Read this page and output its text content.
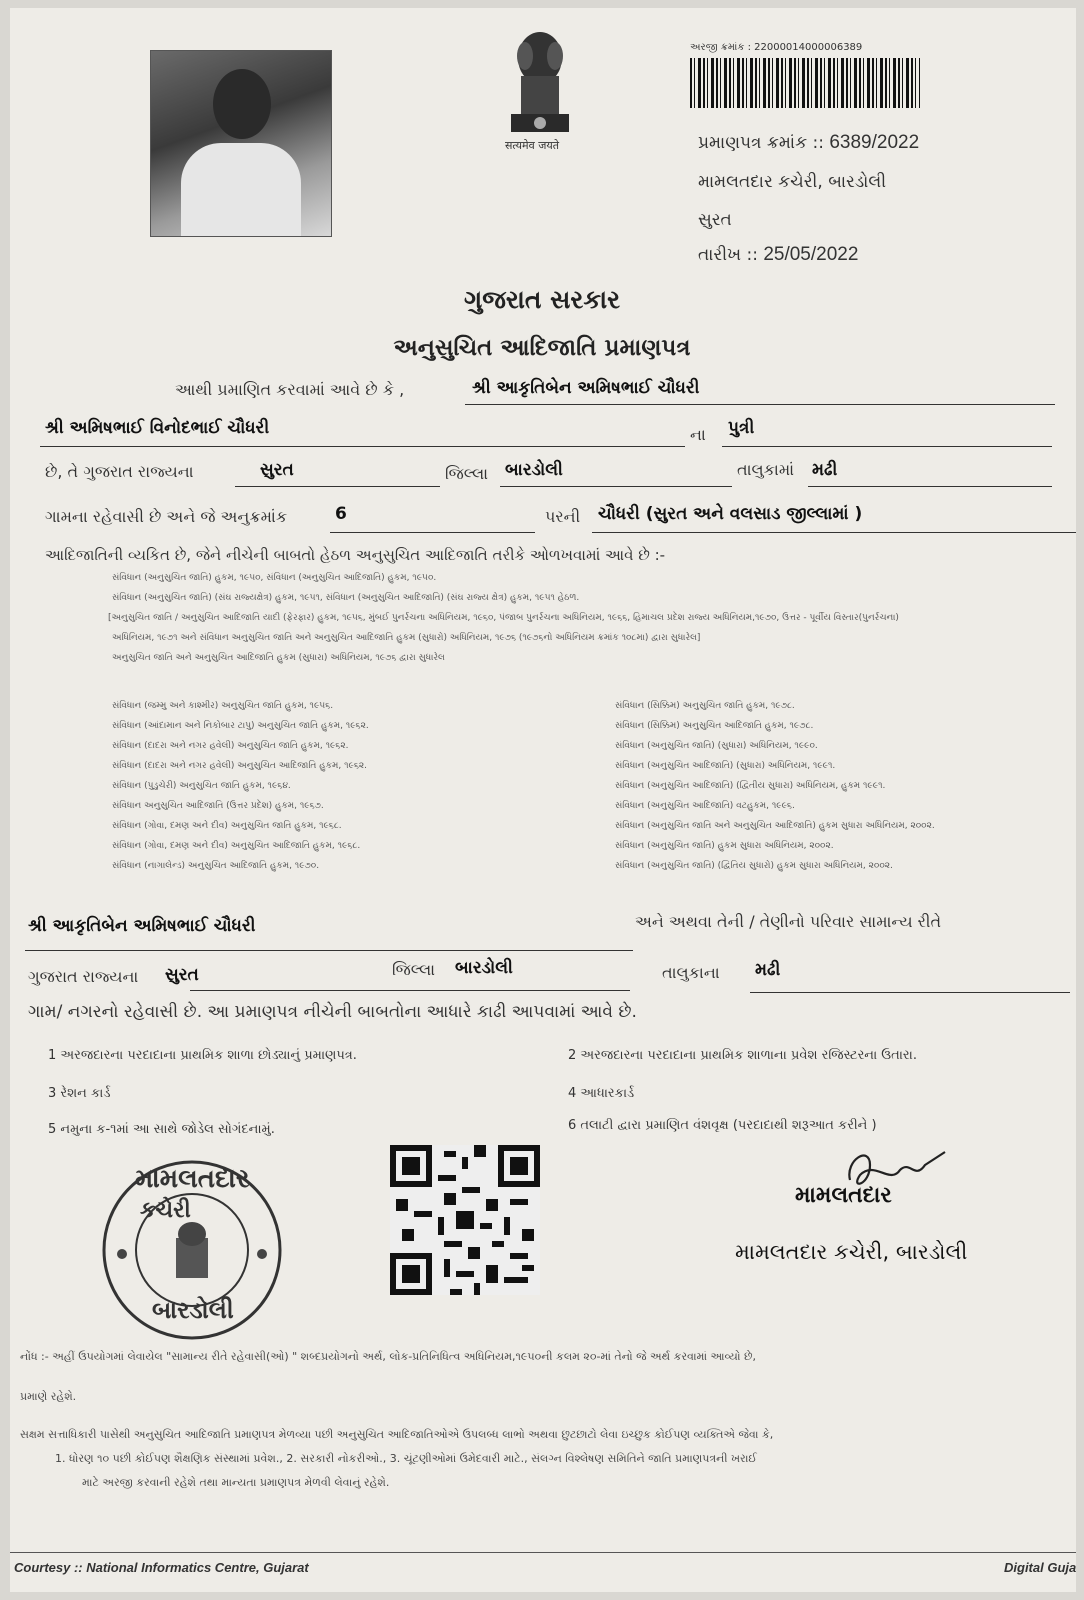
सत्यमेव जयते
અરજી ક્રમાંક : 22000014000006389
પ્રમાણપત્ર ક્રમાંક :: 6389/2022
મામલતદાર કચેરી, બારડોલી
સુરત
તારીખ :: 25/05/2022
ગુજરાત સરકાર
અનુસુચિત આદિજાતિ પ્રમાણપત્ર
આથી પ્રમાણિત કરવામાં આવે છે કે ,	શ્રી આકૃતિબેન અમિષભાઈ ચૌધરી
શ્રી અમિષભાઈ વિનોદભાઈ ચૌધરી	ના પુત્રી
છે, તે ગુજરાત રાજ્યના	સુરત	જિલ્લા બારડોલી	તાલુકામાં મઢી
ગામના રહેવાસી છે અને જે અનુક્રમાંક	6	પરની ચૌધરી (સુરત અને વલસાડ જીલ્લામાં )
આદિજાતિની વ્યકિત છે, જેને નીચેની બાબતો હેઠળ અનુસુચિત આદિજાતિ તરીકે ઓળખવામાં આવે છે :-
સંવિધાન (અનુસુચિત જાતિ) હુકમ, ૧૯૫૦, સંવિધાન (અનુસુચિત આદિજાતિ) હુકમ, ૧૯૫૦.
સંવિધાન (અનુસુચિત જાતિ) (સંઘ રાજ્યક્ષેત્ર) હુકમ, ૧૯૫૧, સંવિધાન (અનુસુચિત આદિજાતિ) (સંઘ રાજ્ય ક્ષેત્ર) હુકમ, ૧૯૫૧ હેઠળ.
[અનુસુચિત જાતિ / અનુસુચિત આદિજાતિ યાદી (ફેરફાર) હુકમ, ૧૯૫૬, મુંબઈ પુનર્રચના અધિનિયમ, ૧૯૬૦, પંજાબ પુનર્રચના અધિનિયમ, ૧૯૬૬, હિમાચલ પ્રદેશ રાજ્ય અધિનિયમ,૧૯૭૦, ઉત્તર - પૂર્વીય વિસ્તાર(પુનર્રચના)
અધિનિયમ, ૧૯૭૧ અને સંવિધાન અનુસુચિત જાતિ અને અનુસુચિત આદિજાતિ હુકમ (સુધારો) અધિનિયમ, ૧૯૭૬ (૧૯૭૬નો અધિનિયમ ક્રમાંક ૧૦૮મા) દ્વારા સુધારેલ]
અનુસુચિત જાતિ અને અનુસુચિત આદિજાતિ હુકમ (સુધારા) અધિનિયમ, ૧૯૭૬ દ્વારા સુધારેલ
સંવિધાન (જમ્મુ અને કાશ્મીર) અનુસુચિત જાતિ હુકમ, ૧૯૫૬.
સંવિધાન (આંદામાન અને નિકોબાર ટાપુ) અનુસુચિત જાતિ હુકમ, ૧૯૬૨.
સંવિધાન (દાદરા અને નગર હવેલી) અનુસુચિત જાતિ હુકમ, ૧૯૬૨.
સંવિધાન (દાદરા અને નગર હવેલી) અનુસુચિત આદિજાતિ હુકમ, ૧૯૬૨.
સંવિધાન (પુડુચેરી) અનુસુચિત જાતિ હુકમ, ૧૯૬૪.
સંવિધાન અનુસુચિત આદિજાતિ (ઉત્તર પ્રદેશ) હુકમ, ૧૯૬૭.
સંવિધાન (ગોવા, દમણ અને દીવ) અનુસુચિત જાતિ હુકમ, ૧૯૬૮.
સંવિધાન (ગોવા, દમણ અને દીવ) અનુસુચિત આદિજાતિ હુકમ, ૧૯૬૮.
સંવિધાન (નાગાલેન્ડ) અનુસુચિત આદિજાતિ હુકમ, ૧૯૭૦.
સંવિધાન (સિક્કિમ) અનુસુચિત જાતિ હુકમ, ૧૯૭૮.
સંવિધાન (સિક્કિમ) અનુસુચિત આદિજાતિ હુકમ, ૧૯૭૮.
સંવિધાન (અનુસુચિત જાતિ) (સુધારા) અધિનિયમ, ૧૯૯૦.
સંવિધાન (અનુસુચિત આદિજાતિ) (સુધારા) અધિનિયમ, ૧૯૯૧.
સંવિધાન (અનુસુચિત આદિજાતિ) (દ્વિતીય સુધારા) અધિનિયમ, હુકમ ૧૯૯૧.
સંવિધાન (અનુસુચિત આદિજાતિ) વટહુકમ, ૧૯૯૬.
સંવિધાન (અનુસુચિત જાતિ અને અનુસુચિત આદિજાતિ) હુકમ સુધારા અધિનિયમ, ૨૦૦૨.
સંવિધાન (અનુસુચિત જાતિ) હુકમ સુધારા અધિનિયમ, ૨૦૦૨.
સંવિધાન (અનુસુચિત જાતિ) (દ્વિતિય સુધારો) હુકમ સુધારા અધિનિયમ, ૨૦૦૨.
શ્રી આકૃતિબેન અમિષભાઈ ચૌધરી	અને અથવા તેની / તેણીનો પરિવાર સામાન્ય રીતે
ગુજરાત રાજ્યના સુરત	જિલ્લા બારડોલી	તાલુકાના મઢી
ગામ/ નગરનો રહેવાસી છે. આ પ્રમાણપત્ર નીચેની બાબતોના આધારે કાઢી આપવામાં આવે છે.
1 અરજદારના પરદાદાના પ્રાથમિક શાળા છોડ્યાનું પ્રમાણપત્ર.	2 અરજદારના પરદાદાના પ્રાથમિક શાળાના પ્રવેશ રજિસ્ટરના ઉતારા.
3 રેશન કાર્ડ	4 આધારકાર્ડ
5 નમુના ક-૧માં આ સાથે જોડેલ સોગંદનામું.	6 તલાટી દ્વારા પ્રમાણિત વંશવૃક્ષ (પરદાદાથી શરૂઆત કરીને )
મામલતદાર
મામલતદાર કચેરી, બારડોલી
મામલતદાર
કચેરી
બારડોલી
નોંધ :- અહીં ઉપયોગમાં લેવાયેલ "સામાન્ય રીતે રહેવાસી(ઓ) " શબ્દપ્રયોગનો અર્થ, લોક-પ્રતિનિધિત્વ અધિનિયમ,૧૯૫૦ની કલમ ૨૦-માં તેનો જે અર્થ કરવામાં આવ્યો છે,
પ્રમાણે રહેશે.
સક્ષમ સત્તાધિકારી પાસેથી અનુસુચિત આદિજાતિ પ્રમાણપત્ર મેળવ્યા પછી અનુસુચિત આદિજાતિઓએ ઉપલબ્ધ લાભો અથવા છુટછાટો લેવા ઇચ્છુક કોઈપણ વ્યક્તિએ જેવા કે,
1. ધોરણ ૧૦ પછી કોઈપણ શૈક્ષણિક સંસ્થામાં પ્રવેશ., 2. સરકારી નોકરીઓ., 3. ચૂંટણીઓમાં ઉમેદવારી માટે., સંલગ્ન વિશ્લેષણ સમિતિને જાતિ પ્રમાણપત્રની ખરાઈ
માટે અરજી કરવાની રહેશે તથા માન્યતા પ્રમાણપત્ર મેળવી લેવાનું રહેશે.
Courtesy :: National Informatics Centre, Gujarat	Digital Guja
